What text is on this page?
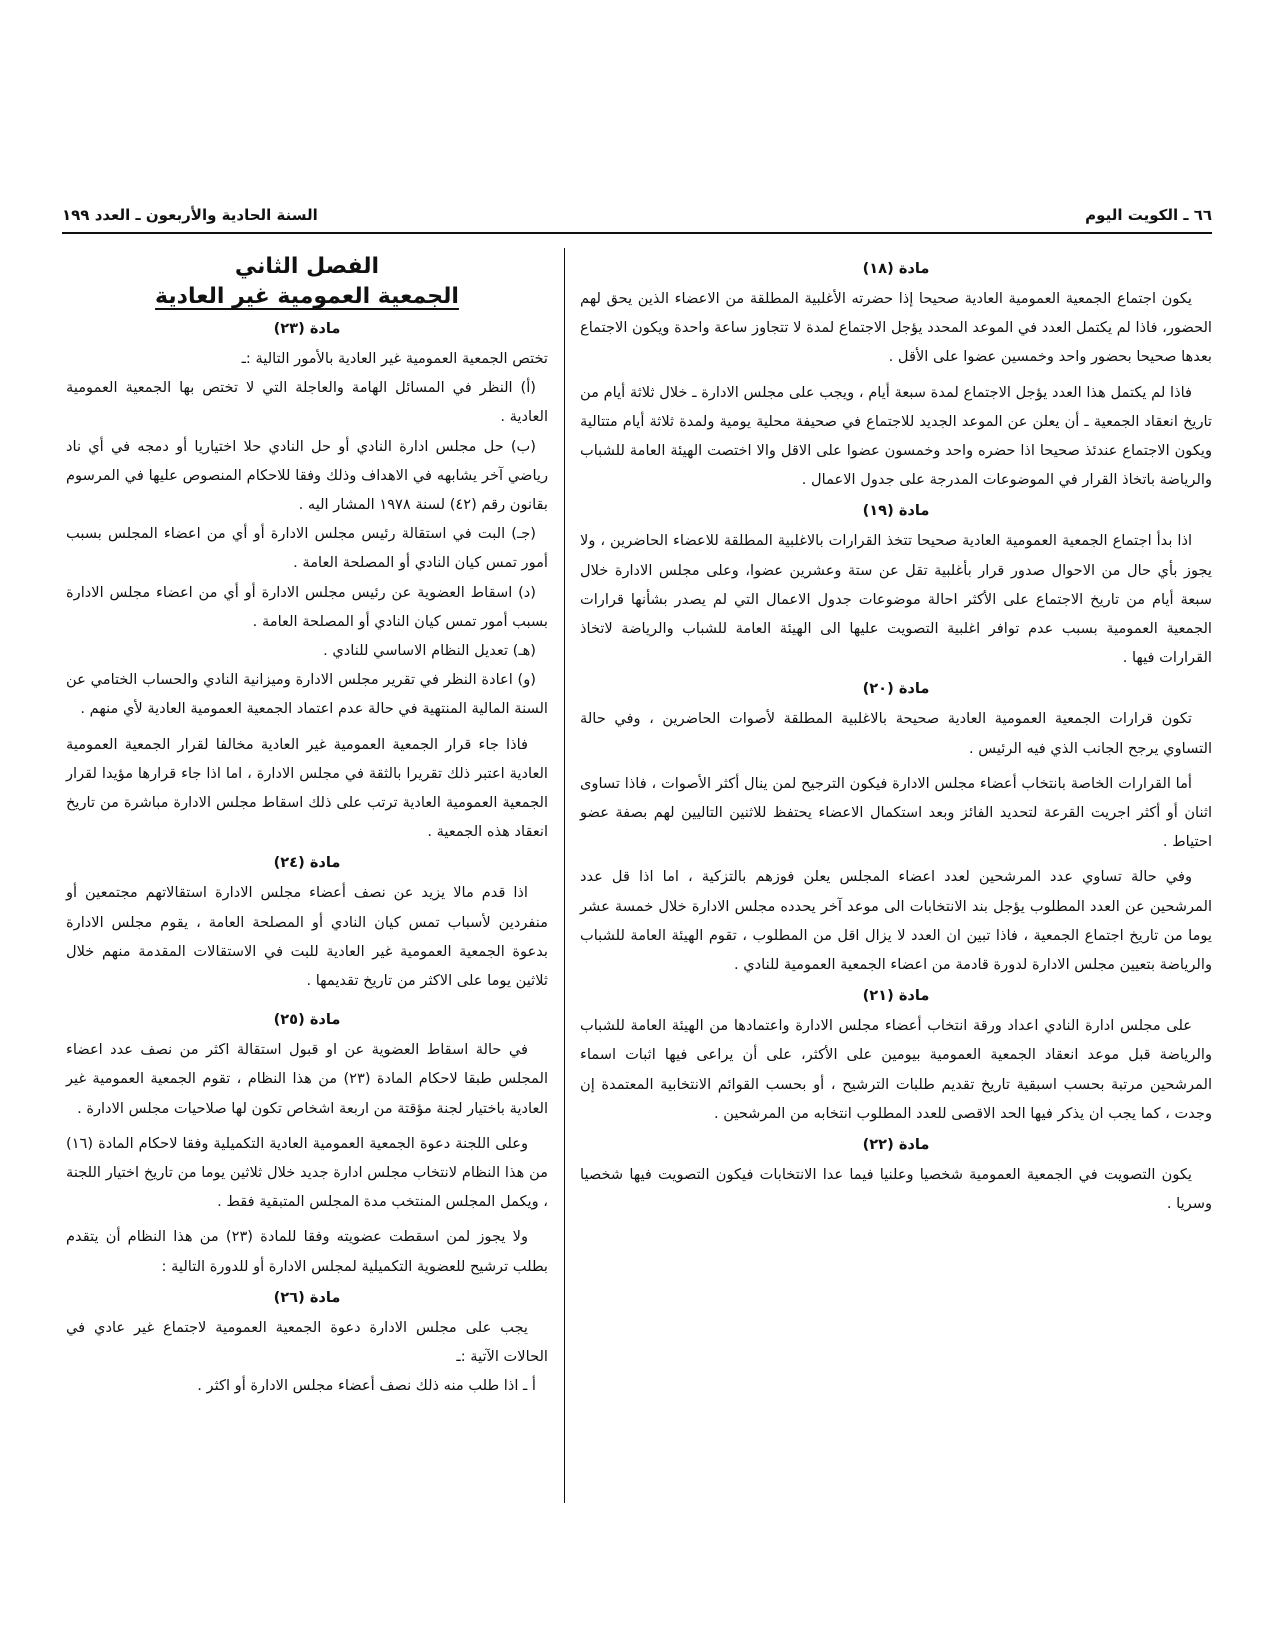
٦٦ ـ الكويت اليوم
السنة الحادية والأربعون ـ العدد ١٩٩
مادة (١٨)

يكون اجتماع الجمعية العمومية العادية صحيحا إذا حضرته الأغلبية المطلقة من الاعضاء الذين يحق لهم الحضور، فاذا لم يكتمل العدد في الموعد المحدد يؤجل الاجتماع لمدة لا تتجاوز ساعة واحدة ويكون الاجتماع بعدها صحيحا بحضور واحد وخمسين عضوا على الأقل .

فاذا لم يكتمل هذا العدد يؤجل الاجتماع لمدة سبعة أيام ، ويجب على مجلس الادارة ـ خلال ثلاثة أيام من تاريخ انعقاد الجمعية ـ أن يعلن عن الموعد الجديد للاجتماع في صحيفة محلية يومية ولمدة ثلاثة أيام متتالية ويكون الاجتماع عندئذ صحيحا اذا حضره واحد وخمسون عضوا على الاقل والا اختصت الهيئة العامة للشباب والرياضة باتخاذ القرار في الموضوعات المدرجة على جدول الاعمال .

مادة (١٩)

اذا بدأ اجتماع الجمعية العمومية العادية صحيحا تتخذ القرارات بالاغلبية المطلقة للاعضاء الحاضرين ، ولا يجوز بأي حال من الاحوال صدور قرار بأغلبية تقل عن ستة وعشرين عضوا، وعلى مجلس الادارة خلال سبعة أيام من تاريخ الاجتماع على الأكثر احالة موضوعات جدول الاعمال التي لم يصدر بشأنها قرارات الجمعية العمومية بسبب عدم توافر اغلبية التصويت عليها الى الهيئة العامة للشباب والرياضة لاتخاذ القرارات فيها .

مادة (٢٠)

تكون قرارات الجمعية العمومية العادية صحيحة بالاغلبية المطلقة لأصوات الحاضرين ، وفي حالة التساوي يرجح الجانب الذي فيه الرئيس .

أما القرارات الخاصة بانتخاب أعضاء مجلس الادارة فيكون الترجيح لمن ينال أكثر الأصوات ، فاذا تساوى اثنان أو أكثر اجريت القرعة لتحديد الفائز وبعد استكمال الاعضاء يحتفظ للاثنين التاليين لهم بصفة عضو احتياط .

وفي حالة تساوي عدد المرشحين لعدد اعضاء المجلس يعلن فوزهم بالتزكية ، اما اذا قل عدد المرشحين عن العدد المطلوب يؤجل بند الانتخابات الى موعد آخر يحدده مجلس الادارة خلال خمسة عشر يوما من تاريخ اجتماع الجمعية ، فاذا تبين ان العدد لا يزال اقل من المطلوب ، تقوم الهيئة العامة للشباب والرياضة بتعيين مجلس الادارة لدورة قادمة من اعضاء الجمعية العمومية للنادي .

مادة (٢١)

على مجلس ادارة النادي اعداد ورقة انتخاب أعضاء مجلس الادارة واعتمادها من الهيئة العامة للشباب والرياضة قبل موعد انعقاد الجمعية العمومية بيومين على الأكثر، على أن يراعى فيها اثبات اسماء المرشحين مرتبة بحسب اسبقية تاريخ تقديم طلبات الترشيح ، أو بحسب القوائم الانتخابية المعتمدة إن وجدت ، كما يجب ان يذكر فيها الحد الاقصى للعدد المطلوب انتخابه من المرشحين .

مادة (٢٢)

يكون التصويت في الجمعية العمومية شخصيا وعلنيا فيما عدا الانتخابات فيكون التصويت فيها شخصيا وسريا .

الفصل الثاني
الجمعية العمومية غير العادية
مادة (٢٣)

تختص الجمعية العمومية غير العادية بالأمور التالية :ـ

(أ) النظر في المسائل الهامة والعاجلة التي لا تختص بها الجمعية العمومية العادية .

(ب) حل مجلس ادارة النادي أو حل النادي حلا اختياريا أو دمجه في أي ناد رياضي آخر يشابهه في الاهداف وذلك وفقا للاحكام المنصوص عليها في المرسوم بقانون رقم (٤٢) لسنة ١٩٧٨ المشار اليه .

(جـ) البت في استقالة رئيس مجلس الادارة أو أي من اعضاء المجلس بسبب أمور تمس كيان النادي أو المصلحة العامة .

(د) اسقاط العضوية عن رئيس مجلس الادارة أو أي من اعضاء مجلس الادارة بسبب أمور تمس كيان النادي أو المصلحة العامة .

(هـ) تعديل النظام الاساسي للنادي .

(و) اعادة النظر في تقرير مجلس الادارة وميزانية النادي والحساب الختامي عن السنة المالية المنتهية في حالة عدم اعتماد الجمعية العمومية العادية لأي منهم .

فاذا جاء قرار الجمعية العمومية غير العادية مخالفا لقرار الجمعية العمومية العادية اعتبر ذلك تقريرا بالثقة في مجلس الادارة ، اما اذا جاء قرارها مؤيدا لقرار الجمعية العمومية العادية ترتب على ذلك اسقاط مجلس الادارة مباشرة من تاريخ انعقاد هذه الجمعية .

مادة (٢٤)

اذا قدم مالا يزيد عن نصف أعضاء مجلس الادارة استقالاتهم مجتمعين أو منفردين لأسباب تمس كيان النادي أو المصلحة العامة ، يقوم مجلس الادارة بدعوة الجمعية العمومية غير العادية للبت في الاستقالات المقدمة منهم خلال ثلاثين يوما على الاكثر من تاريخ تقديمها .

مادة (٢٥)

في حالة اسقاط العضوية عن او قبول استقالة اكثر من نصف عدد اعضاء المجلس طبقا لاحكام المادة (٢٣) من هذا النظام ، تقوم الجمعية العمومية غير العادية باختيار لجنة مؤقتة من اربعة اشخاص تكون لها صلاحيات مجلس الادارة .

وعلى اللجنة دعوة الجمعية العمومية العادية التكميلية وفقا لاحكام المادة (١٦) من هذا النظام لانتخاب مجلس ادارة جديد خلال ثلاثين يوما من تاريخ اختيار اللجنة ، ويكمل المجلس المنتخب مدة المجلس المتبقية فقط .

ولا يجوز لمن اسقطت عضويته وفقا للمادة (٢٣) من هذا النظام أن يتقدم بطلب ترشيح للعضوية التكميلية لمجلس الادارة أو للدورة التالية :

مادة (٢٦)

يجب على مجلس الادارة دعوة الجمعية العمومية لاجتماع غير عادي في الحالات الآتية :ـ

أ ـ اذا طلب منه ذلك نصف أعضاء مجلس الادارة أو اكثر .
